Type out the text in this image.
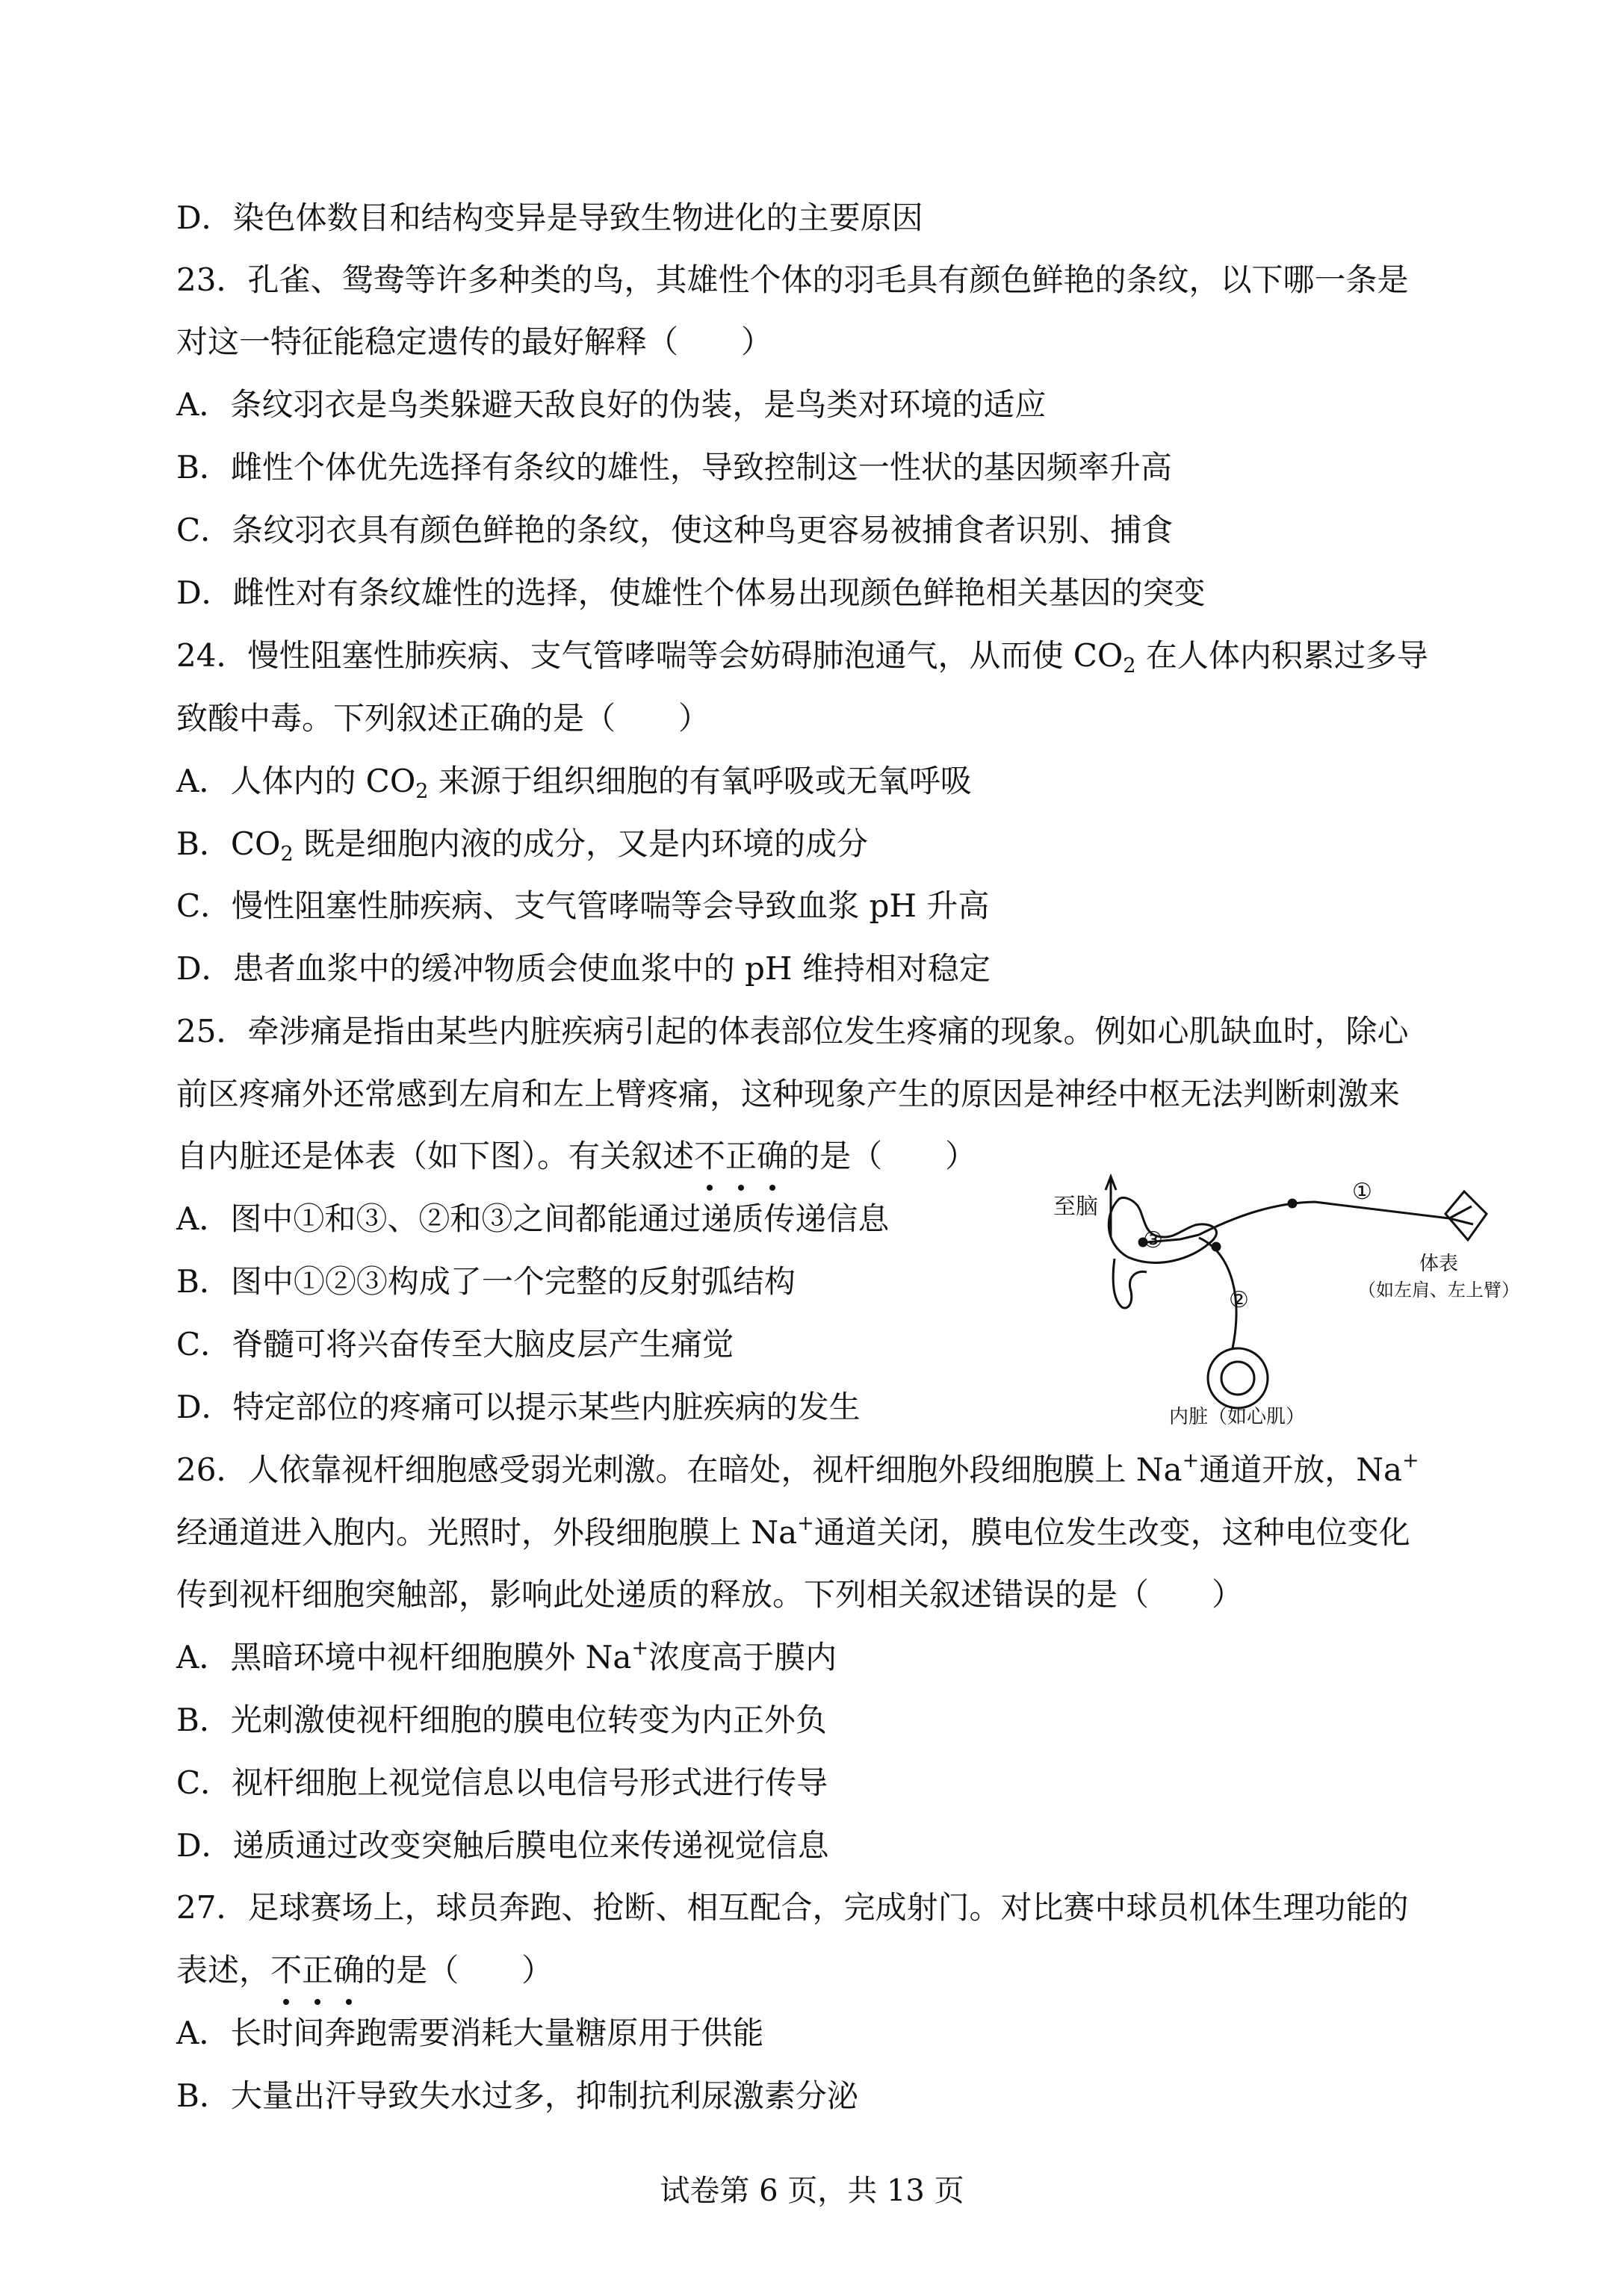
D．染色体数目和结构变异是导致生物进化的主要原因
23．孔雀、鸳鸯等许多种类的鸟，其雄性个体的羽毛具有颜色鲜艳的条纹，以下哪一条是
对这一特征能稳定遗传的最好解释（　　）
A．条纹羽衣是鸟类躲避天敌良好的伪装，是鸟类对环境的适应
B．雌性个体优先选择有条纹的雄性，导致控制这一性状的基因频率升高
C．条纹羽衣具有颜色鲜艳的条纹，使这种鸟更容易被捕食者识别、捕食
D．雌性对有条纹雄性的选择，使雄性个体易出现颜色鲜艳相关基因的突变
24．慢性阻塞性肺疾病、支气管哮喘等会妨碍肺泡通气，从而使 $CO_2$ 在人体内积累过多导
致酸中毒。下列叙述正确的是（　　）
A．人体内的 $CO_2$ 来源于组织细胞的有氧呼吸或无氧呼吸
B．$CO_2$ 既是细胞内液的成分，又是内环境的成分
C．慢性阻塞性肺疾病、支气管哮喘等会导致血浆 pH 升高
D．患者血浆中的缓冲物质会使血浆中的 pH 维持相对稳定
25．牵涉痛是指由某些内脏疾病引起的体表部位发生疼痛的现象。例如心肌缺血时，除心
前区疼痛外还常感到左肩和左上臂疼痛，这种现象产生的原因是神经中枢无法判断刺激来
自内脏还是体表（如下图）。有关叙述不正确的是（　　）
A．图中①和③、②和③之间都能通过递质传递信息
B．图中①②③构成了一个完整的反射弧结构
C．脊髓可将兴奋传至大脑皮层产生痛觉
D．特定部位的疼痛可以提示某些内脏疾病的发生
至脑
③
①
②
体表
（如左肩、左上臂）
内脏（如心肌）
26．人依靠视杆细胞感受弱光刺激。在暗处，视杆细胞外段细胞膜上 Na+通道开放，Na+
经通道进入胞内。光照时，外段细胞膜上 Na+通道关闭，膜电位发生改变，这种电位变化
传到视杆细胞突触部，影响此处递质的释放。下列相关叙述错误的是（　　）
A．黑暗环境中视杆细胞膜外 Na+浓度高于膜内
B．光刺激使视杆细胞的膜电位转变为内正外负
C．视杆细胞上视觉信息以电信号形式进行传导
D．递质通过改变突触后膜电位来传递视觉信息
27．足球赛场上，球员奔跑、抢断、相互配合，完成射门。对比赛中球员机体生理功能的
表述，不正确的是（　　）
A．长时间奔跑需要消耗大量糖原用于供能
B．大量出汗导致失水过多，抑制抗利尿激素分泌
试卷第 6 页，共 13 页
